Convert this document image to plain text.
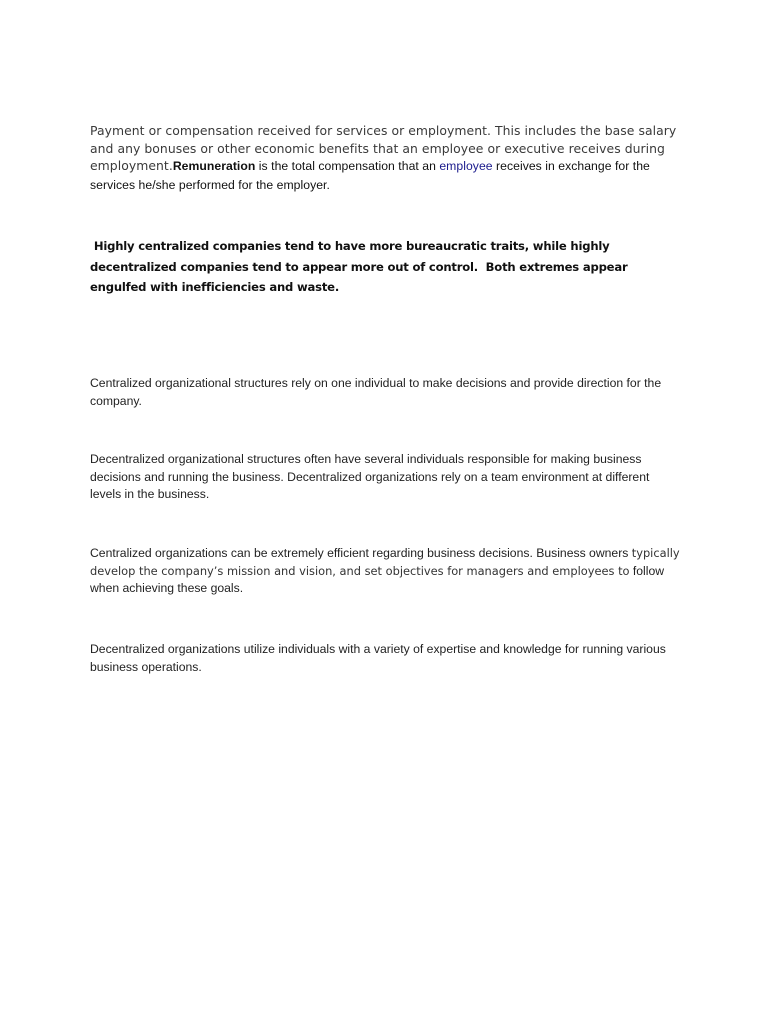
Payment or compensation received for services or employment. This includes the base salary and any bonuses or other economic benefits that an employee or executive receives during employment.Remuneration is the total compensation that an employee receives in exchange for the services he/she performed for the employer.

Highly centralized companies tend to have more bureaucratic traits, while highly decentralized companies tend to appear more out of control.  Both extremes appear engulfed with inefficiencies and waste.

Centralized organizational structures rely on one individual to make decisions and provide direction for the company.

Decentralized organizational structures often have several individuals responsible for making business decisions and running the business. Decentralized organizations rely on a team environment at different levels in the business.

Centralized organizations can be extremely efficient regarding business decisions. Business owners typically develop the company’s mission and vision, and set objectives for managers and employees to follow when achieving these goals.

Decentralized organizations utilize individuals with a variety of expertise and knowledge for running various business operations.
